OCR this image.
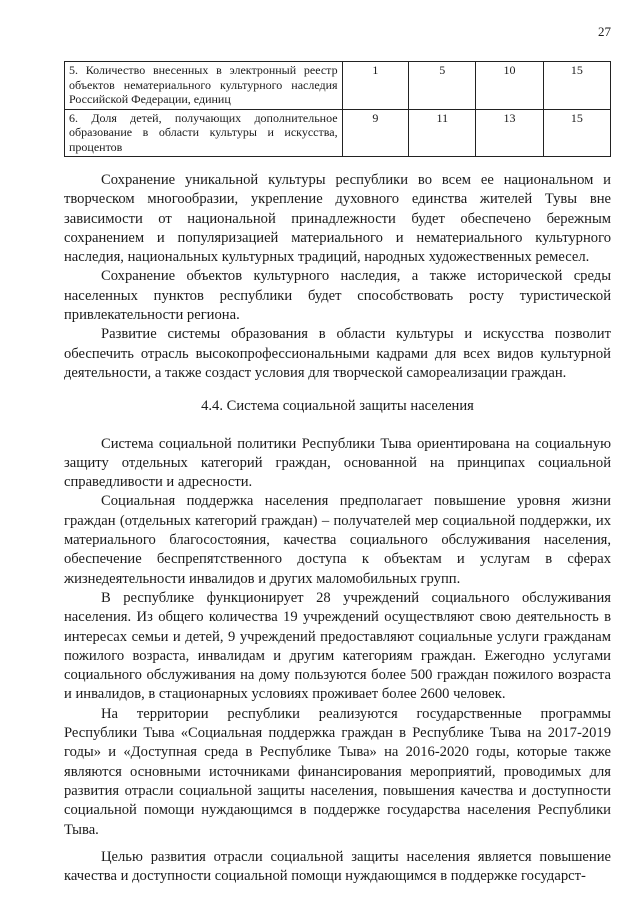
27
5. Количество внесенных в электронный реестр объектов нематериального культурного наследия Российской Федерации, единиц	1	5	10	15
6. Доля детей, получающих дополнительное образование в области культуры и искусства, процентов	9	11	13	15

Сохранение уникальной культуры республики во всем ее национальном и творческом многообразии, укрепление духовного единства жителей Тувы вне зависимости от национальной принадлежности будет обеспечено бережным сохранением и популяризацией материального и нематериального культурного наследия, национальных культурных традиций, народных художественных ремесел.

Сохранение объектов культурного наследия, а также исторической среды населенных пунктов республики будет способствовать росту туристической привлекательности региона.

Развитие системы образования в области культуры и искусства позволит обеспечить отрасль высокопрофессиональными кадрами для всех видов культурной деятельности, а также создаст условия для творческой самореализации граждан.

4.4. Система социальной защиты населения

Система социальной политики Республики Тыва ориентирована на социальную защиту отдельных категорий граждан, основанной на принципах социальной справедливости и адресности.

Социальная поддержка населения предполагает повышение уровня жизни граждан (отдельных категорий граждан) – получателей мер социальной поддержки, их материального благосостояния, качества социального обслуживания населения, обеспечение беспрепятственного доступа к объектам и услугам в сферах жизнедеятельности инвалидов и других маломобильных групп.

В республике функционирует 28 учреждений социального обслуживания населения. Из общего количества 19 учреждений осуществляют свою деятельность в интересах семьи и детей, 9 учреждений предоставляют социальные услуги гражданам пожилого возраста, инвалидам и другим категориям граждан. Ежегодно услугами социального обслуживания на дому пользуются более 500 граждан пожилого возраста и инвалидов, в стационарных условиях проживает более 2600 человек.

На территории республики реализуются государственные программы Республики Тыва «Социальная поддержка граждан в Республике Тыва на 2017-2019 годы» и «Доступная среда в Республике Тыва» на 2016-2020 годы, которые также являются основными источниками финансирования мероприятий, проводимых для развития отрасли социальной защиты населения, повышения качества и доступности социальной помощи нуждающимся в поддержке государства населения Республики Тыва.

Целью развития отрасли социальной защиты населения является повышение качества и доступности социальной помощи нуждающимся в поддержке государст-
